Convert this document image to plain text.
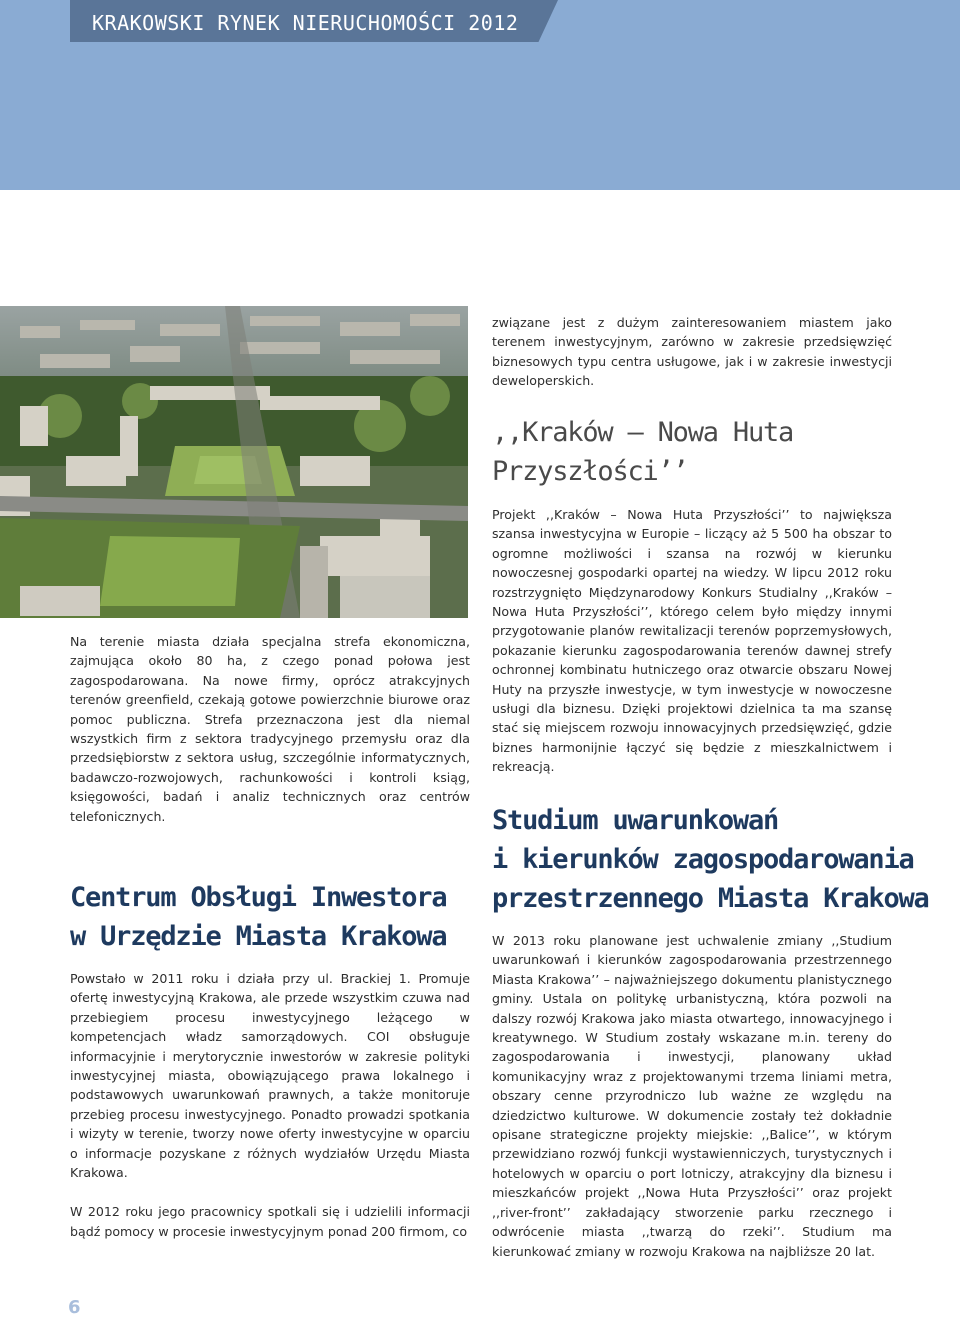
KRAKOWSKI RYNEK NIERUCHOMOŚCI 2012

Na terenie miasta działa specjalna strefa ekonomiczna, zajmująca około 80 ha, z czego ponad połowa jest zagospodarowana. Na nowe firmy, oprócz atrakcyjnych terenów greenfield, czekają gotowe powierzchnie biurowe oraz pomoc publiczna. Strefa przeznaczona jest dla niemal wszystkich firm z sektora tradycyjnego przemysłu oraz dla przedsiębiorstw z sektora usług, szczególnie informatycznych, badawczo-rozwojowych, rachunkowości i kontroli ksiąg, księgowości, badań i analiz technicznych oraz centrów telefonicznych.

Centrum Obsługi Inwestora
w Urzędzie Miasta Krakowa

Powstało w 2011 roku i działa przy ul. Brackiej 1. Promuje ofertę inwestycyjną Krakowa, ale przede wszystkim czuwa nad przebiegiem procesu inwestycyjnego leżącego w kompetencjach władz samorządowych. COI obsługuje informacyjnie i merytorycznie inwestorów w zakresie polityki inwestycyjnej miasta, obowiązującego prawa lokalnego i podstawowych uwarunkowań prawnych, a także monitoruje przebieg procesu inwestycyjnego. Ponadto prowadzi spotkania i wizyty w terenie, tworzy nowe oferty inwestycyjne w oparciu o informacje pozyskane z różnych wydziałów Urzędu Miasta Krakowa.

W 2012 roku jego pracownicy spotkali się i udzielili informacji bądź pomocy w procesie inwestycyjnym ponad 200 firmom, co

związane jest z dużym zainteresowaniem miastem jako terenem inwestycyjnym, zarówno w zakresie przedsięwzięć biznesowych typu centra usługowe, jak i w zakresie inwestycji deweloperskich.

,,Kraków – Nowa Huta
Przyszłości’’

Projekt ,,Kraków – Nowa Huta Przyszłości’’ to największa szansa inwestycyjna w Europie – liczący aż 5 500 ha obszar to ogromne możliwości i szansa na rozwój w kierunku nowoczesnej gospodarki opartej na wiedzy. W lipcu 2012 roku rozstrzygnięto Międzynarodowy Konkurs Studialny ,,Kraków – Nowa Huta Przyszłości’’, którego celem było między innymi przygotowanie planów rewitalizacji terenów poprzemysłowych, pokazanie kierunku zagospodarowania terenów dawnej strefy ochronnej kombinatu hutniczego oraz otwarcie obszaru Nowej Huty na przyszłe inwestycje, w tym inwestycje w nowoczesne usługi dla biznesu. Dzięki projektowi dzielnica ta ma szansę stać się miejscem rozwoju innowacyjnych przedsięwzięć, gdzie biznes harmonijnie łączyć się będzie z mieszkalnictwem i rekreacją.

Studium uwarunkowań
i kierunków zagospodarowania
przestrzennego Miasta Krakowa

W 2013 roku planowane jest uchwalenie zmiany ,,Studium uwarunkowań i kierunków zagospodarowania przestrzennego Miasta Krakowa’’ – najważniejszego dokumentu planistycznego gminy. Ustala on politykę urbanistyczną, która pozwoli na dalszy rozwój Krakowa jako miasta otwartego, innowacyjnego i kreatywnego. W Studium zostały wskazane m.in. tereny do zagospodarowania i inwestycji, planowany układ komunikacyjny wraz z projektowanymi trzema liniami metra, obszary cenne przyrodniczo lub ważne ze względu na dziedzictwo kulturowe. W dokumencie zostały też dokładnie opisane strategiczne projekty miejskie: ,,Balice’’, w którym przewidziano rozwój funkcji wystawienniczych, turystycznych i hotelowych w oparciu o port lotniczy, atrakcyjny dla biznesu i mieszkańców projekt ,,Nowa Huta Przyszłości’’ oraz projekt ,,river-front’’ zakładający stworzenie parku rzecznego i odwrócenie miasta ,,twarzą do rzeki’’. Studium ma kierunkować zmiany w rozwoju Krakowa na najbliższe 20 lat.

6
